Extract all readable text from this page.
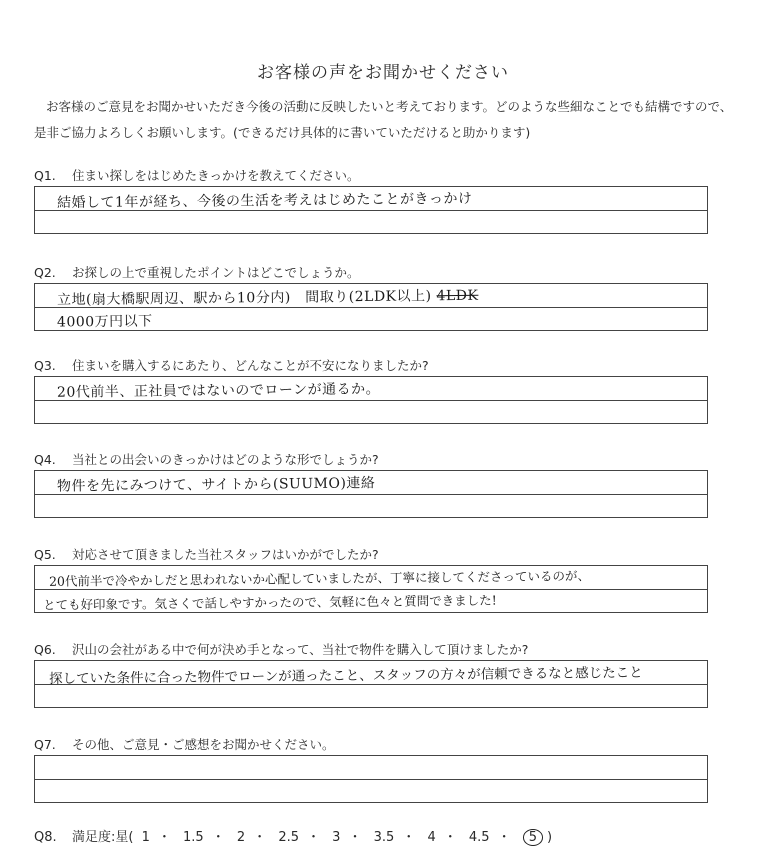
お客様の声をお聞かせください
お客様のご意見をお聞かせいただき今後の活動に反映したいと考えております。どのような些細なことでも結構ですので、是非ご協力よろしくお願いします。(できるだけ具体的に書いていただけると助かります)
Q1. 住まい探しをはじめたきっかけを教えてください。
結婚して1年が経ち、今後の生活を考えはじめたことがきっかけ
Q2. お探しの上で重視したポイントはどこでしょうか。
立地(扇大橋駅周辺、駅から10分内)　間取り(2LDK以上) 4LDK
4000万円以下
Q3. 住まいを購入するにあたり、どんなことが不安になりましたか?
20代前半、正社員ではないのでローンが通るか。
Q4. 当社との出会いのきっかけはどのような形でしょうか?
物件を先にみつけて、サイトから(SUUMO)連絡
Q5. 対応させて頂きました当社スタッフはいかがでしたか?
20代前半で冷やかしだと思われないか心配していましたが、丁寧に接してくださっているのが、
とても好印象です。気さくで話しやすかったので、気軽に色々と質問できました!
Q6. 沢山の会社がある中で何が決め手となって、当社で物件を購入して頂けましたか?
探していた条件に合った物件でローンが通ったこと、スタッフの方々が信頼できるなと感じたこと
Q7. その他、ご意見・ご感想をお聞かせください。
Q8. 満足度:星( 1 ・ 1.5 ・ 2 ・ 2.5 ・ 3 ・ 3.5 ・ 4 ・ 4.5 ・ 5 )
